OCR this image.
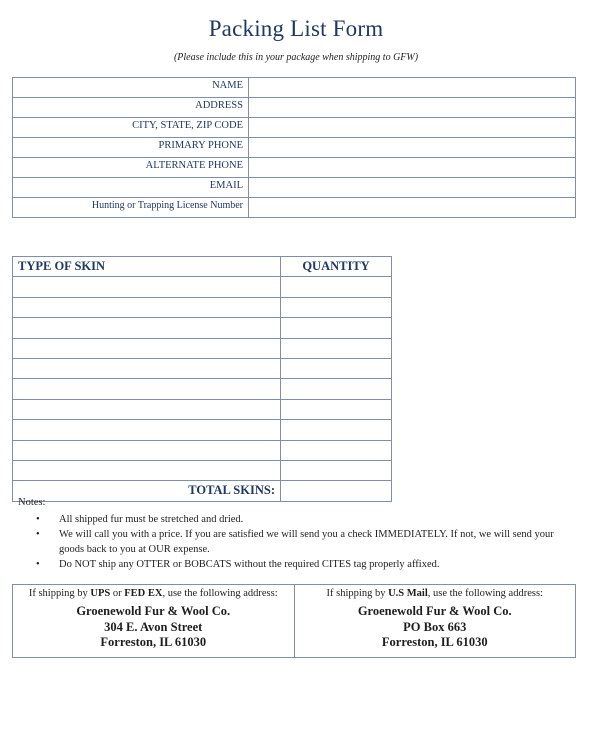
Packing List Form
(Please include this in your package when shipping to GFW)
NAME	
ADDRESS	
CITY, STATE, ZIP CODE	
PRIMARY PHONE	
ALTERNATE PHONE	
EMAIL	
Hunting or Trapping License Number	
TYPE OF SKIN	QUANTITY

TOTAL SKINS:	
Notes:
• All shipped fur must be stretched and dried.
• We will call you with a price. If you are satisfied we will send you a check IMMEDIATELY. If not, we will send your goods back to you at OUR expense.
• Do NOT ship any OTTER or BOBCATS without the required CITES tag properly affixed.
If shipping by UPS or FED EX, use the following address:
Groenewold Fur & Wool Co.
304 E. Avon Street
Forreston, IL 61030

If shipping by U.S Mail, use the following address:
Groenewold Fur & Wool Co.
PO Box 663
Forreston, IL 61030
